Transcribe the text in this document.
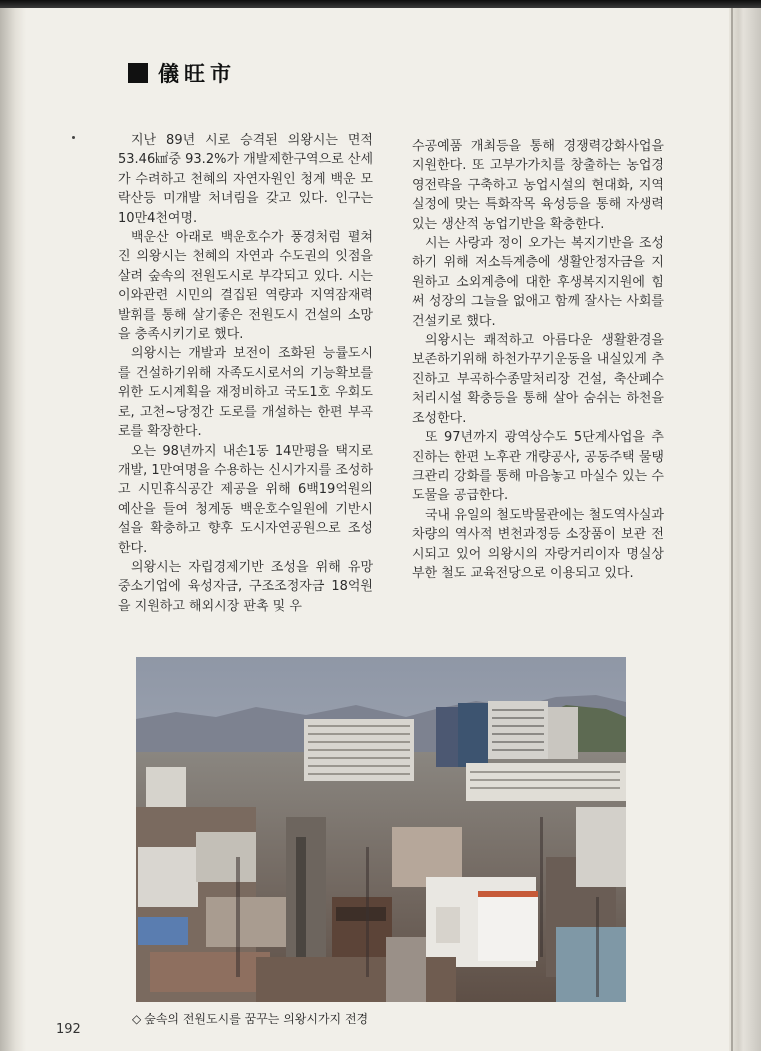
儀旺市

지난 89년 시로 승격된 의왕시는 면적 53.46㎢중 93.2%가 개발제한구역으로 산세가 수려하고 천혜의 자연자원인 청계 백운 모락산등 미개발 처녀림을 갖고 있다. 인구는 10만4천여명.

백운산 아래로 백운호수가 풍경처럼 펼쳐진 의왕시는 천혜의 자연과 수도권의 잇점을 살려 숲속의 전원도시로 부각되고 있다. 시는 이와관련 시민의 결집된 역량과 지역잠재력 발휘를 통해 살기좋은 전원도시 건설의 소망을 충족시키기로 했다.

의왕시는 개발과 보전이 조화된 능률도시를 건설하기위해 자족도시로서의 기능확보를 위한 도시계획을 재정비하고 국도1호 우회도로, 고천~당정간 도로를 개설하는 한편 부곡로를 확장한다.

오는 98년까지 내손1동 14만평을 택지로 개발, 1만여명을 수용하는 신시가지를 조성하고 시민휴식공간 제공을 위해 6백19억원의 예산을 들여 청계동 백운호수일원에 기반시설을 확충하고 향후 도시자연공원으로 조성한다.

의왕시는 자립경제기반 조성을 위해 유망중소기업에 육성자금, 구조조정자금 18억원을 지원하고 해외시장 판촉 및 우

수공예품 개최등을 통해 경쟁력강화사업을 지원한다. 또 고부가가치를 창출하는 농업경영전략을 구축하고 농업시설의 현대화, 지역실정에 맞는 특화작목 육성등을 통해 자생력있는 생산적 농업기반을 확충한다.

시는 사랑과 정이 오가는 복지기반을 조성하기 위해 저소득계층에 생활안정자금을 지원하고 소외계층에 대한 후생복지지원에 힘써 성장의 그늘을 없애고 함께 잘사는 사회를 건설키로 했다.

의왕시는 쾌적하고 아름다운 생활환경을 보존하기위해 하천가꾸기운동을 내실있게 추진하고 부곡하수종말처리장 건설, 축산폐수처리시설 확충등을 통해 살아 숨쉬는 하천을 조성한다.

또 97년까지 광역상수도 5단계사업을 추진하는 한편 노후관 개량공사, 공동주택 물탱크관리 강화를 통해 마음놓고 마실수 있는 수도물을 공급한다.

국내 유일의 철도박물관에는 철도역사실과 차량의 역사적 변천과정등 소장품이 보관 전시되고 있어 의왕시의 자랑거리이자 명실상부한 철도 교육전당으로 이용되고 있다.

◇ 숲속의 전원도시를 꿈꾸는 의왕시가지 전경
192
